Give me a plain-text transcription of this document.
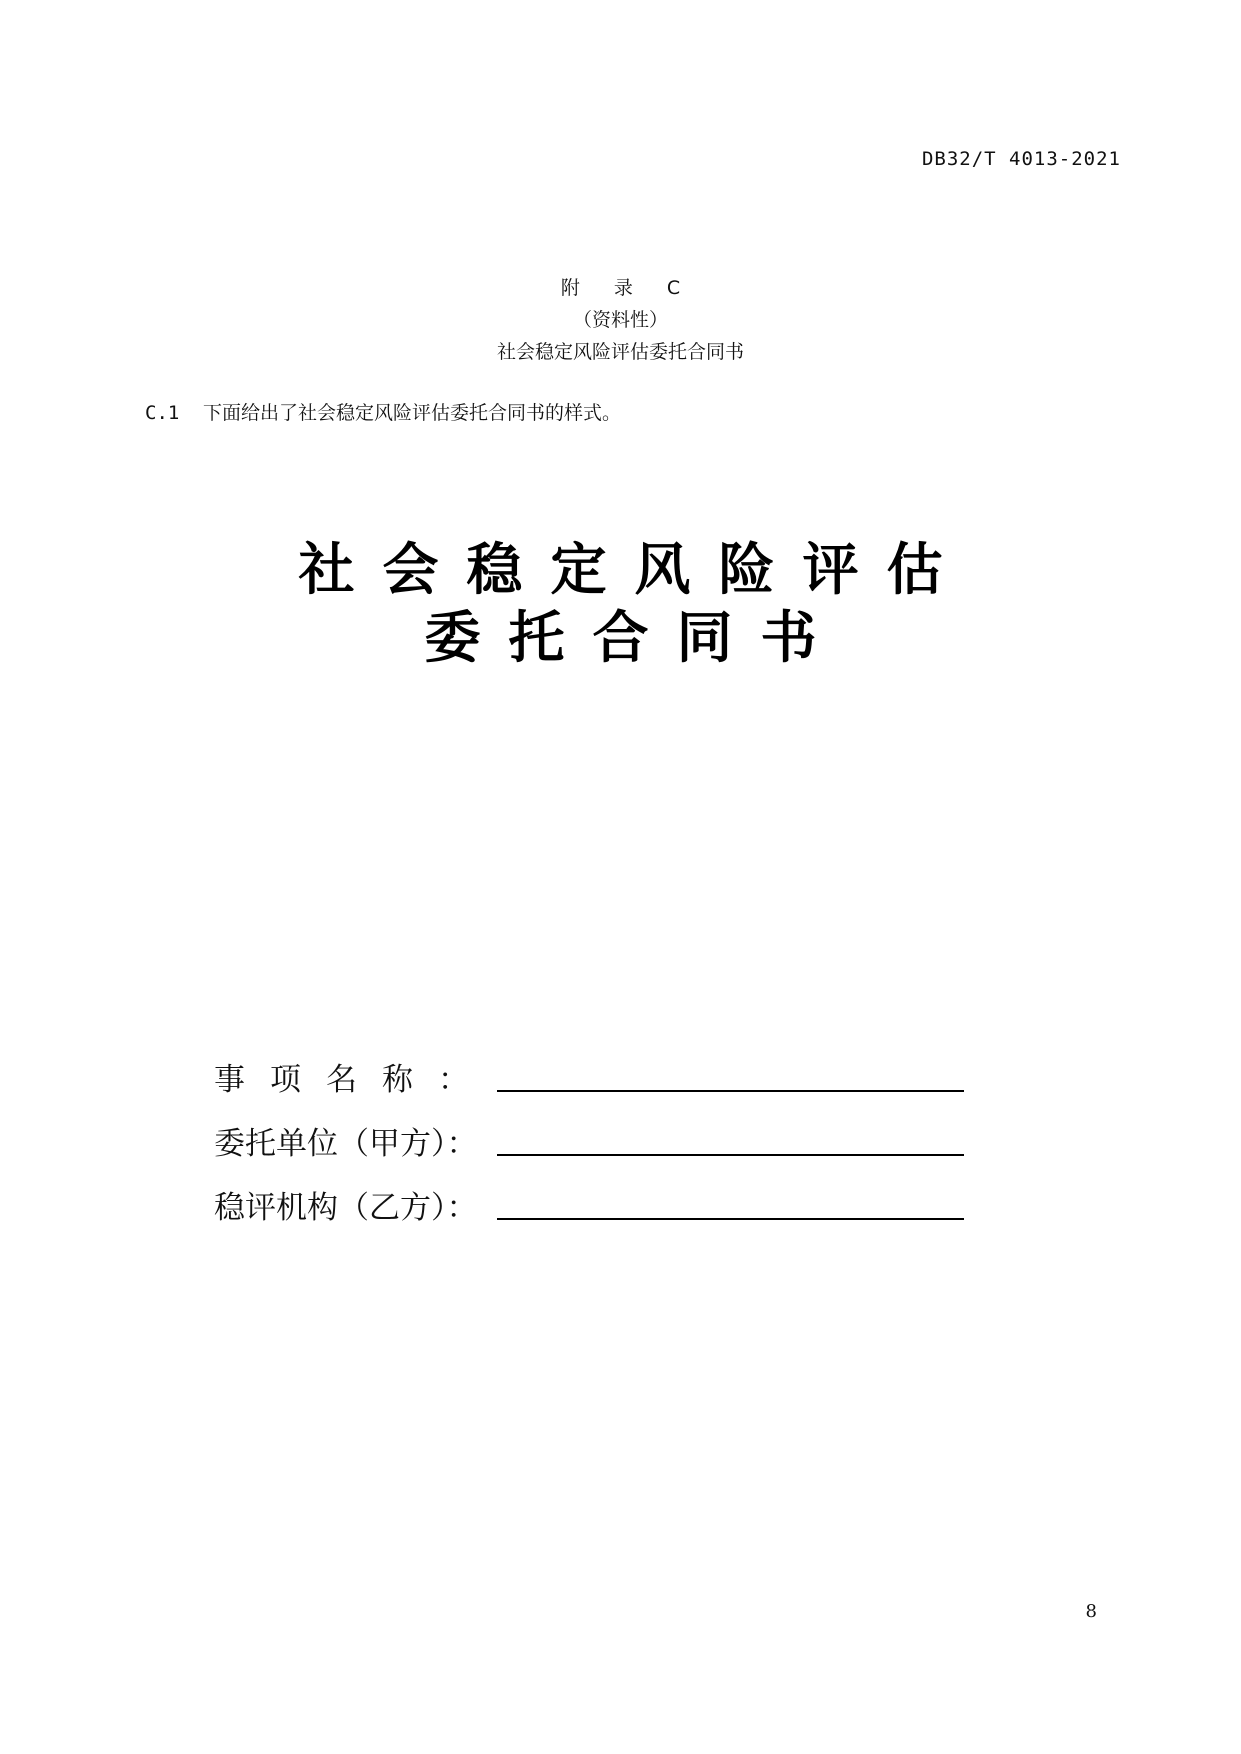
DB32/T 4013-2021
附 录 C
（资料性）
社会稳定风险评估委托合同书
C.1 下面给出了社会稳定风险评估委托合同书的样式。
社会稳定风险评估
委托合同书
事项名称：
委托单位（甲方）：
稳评机构（乙方）：
8
